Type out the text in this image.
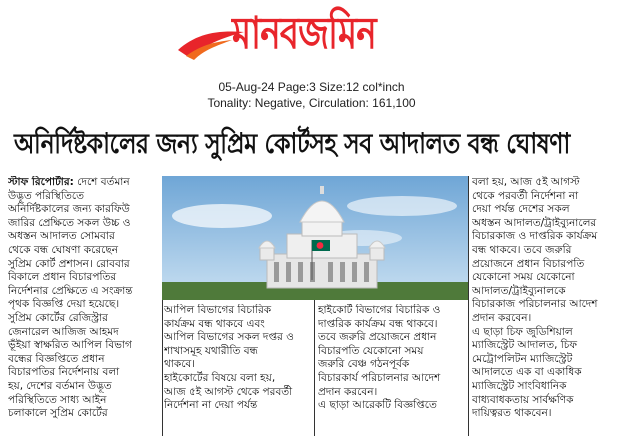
মানবজমিন
05-Aug-24 Page:3 Size:12 col*inch
Tonality: Negative, Circulation: 161,100
অনির্দিষ্টকালের জন্য সুপ্রিম কোর্টসহ সব আদালত বন্ধ ঘোষণা

স্টাফ রিপোর্টার: দেশে বর্তমান

উদ্ভূত পরিস্থিতিতে

অনির্দিষ্টকালের জন্য কারফিউ

জারির প্রেক্ষিতে সকল উচ্চ ও

অধস্তন আদালত সোমবার

থেকে বন্ধ ঘোষণা করেছেন

সুপ্রিম কোর্ট প্রশাসন। রোববার

বিকালে প্রধান বিচারপতির

নির্দেশনার প্রেক্ষিতে এ সংক্রান্ত

পৃথক বিজ্ঞপ্তি দেয়া হয়েছে।

সুপ্রিম কোর্টের রেজিস্ট্রার

জেনারেল আজিজ আহমদ

ভূঁইয়া স্বাক্ষরিত আপিল বিভাগ

বন্ধের বিজ্ঞপ্তিতে প্রধান

বিচারপতির নির্দেশনায় বলা

হয়, দেশের বর্তমান উদ্ভূত

পরিস্থিতিতে সাধ্য আইন

চলাকালে সুপ্রিম কোর্টের

আপিল বিভাগের বিচারিক

কার্যক্রম বন্ধ থাকবে এবং

আপিল বিভাগের সকল দপ্তর ও

শাখাসমূহ যথারীতি বন্ধ

থাকবে।

হাইকোর্টের বিষয়ে বলা হয়,

আজ ৫ই আগস্ট থেকে পরবর্তী

নির্দেশনা না দেয়া পর্যন্ত

হাইকোর্ট বিভাগের বিচারিক ও

দাপ্তরিক কার্যক্রম বন্ধ থাকবে।

তবে জরুরি প্রয়োজনে প্রধান

বিচারপতি যেকোনো সময়

জরুরি বেঞ্চ গঠনপূর্বক

বিচারকার্য পরিচালনার আদেশ

প্রদান করবেন।

এ ছাড়া আরেকটি বিজ্ঞপ্তিতে

বলা হয়, আজ ৫ই আগস্ট

থেকে পরবর্তী নির্দেশনা না

দেয়া পর্যন্ত দেশের সকল

অধস্তন আদালত/ট্রাইব্যুনালের

বিচারকাজ ও দাপ্তরিক কার্যক্রম

বন্ধ থাকবে। তবে জরুরি

প্রয়োজনে প্রধান বিচারপতি

যেকোনো সময় যেকোনো

আদালত/ট্রাইব্যুনালকে

বিচারকাজ পরিচালনার আদেশ

প্রদান করবেন।

এ ছাড়া চিফ জুডিশিয়াল

ম্যাজিস্ট্রেট আদালত, চিফ

মেট্রোপলিটন ম্যাজিস্ট্রেট

আদালতে এক বা একাধিক

ম্যাজিস্ট্রেট সাংবিধানিক

বাধ্যবাধকতায় সার্বক্ষণিক

দায়িত্বরত থাকবেন।
